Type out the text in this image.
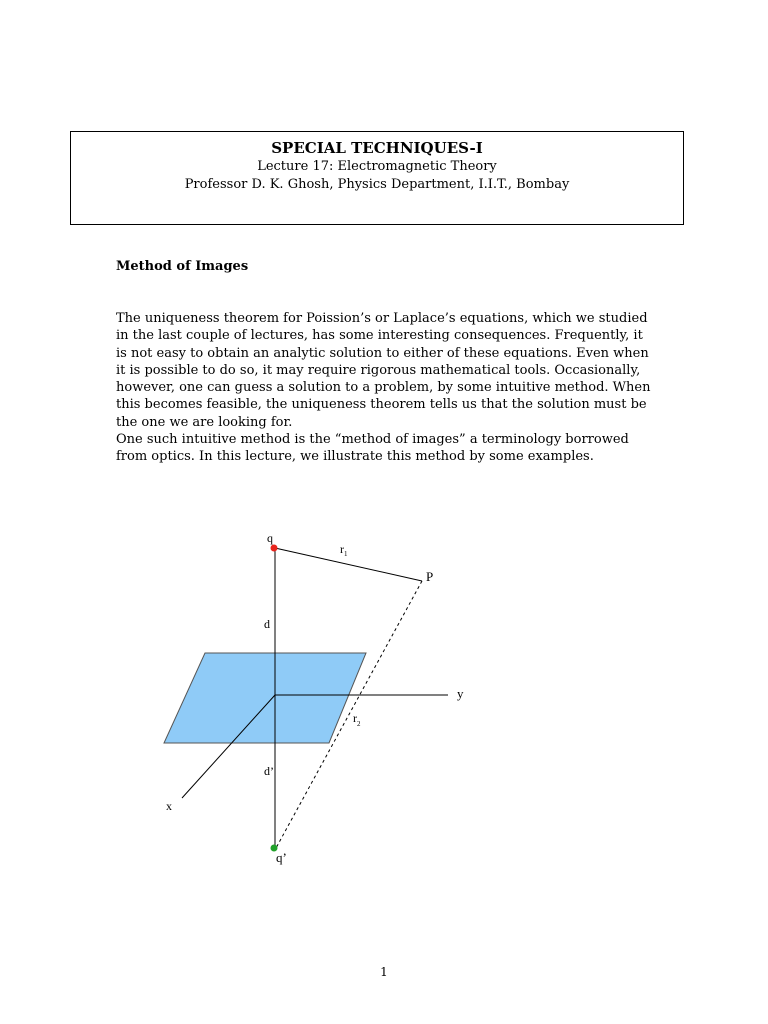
SPECIAL TECHNIQUES-I
Lecture 17: Electromagnetic Theory
Professor D. K. Ghosh, Physics Department, I.I.T., Bombay
Method of Images

The uniqueness theorem for Poission’s or Laplace’s equations, which we studied

in the last couple of lectures, has some interesting consequences. Frequently, it

is not easy to obtain an analytic solution to either of these equations. Even when

it is possible to do so, it may require rigorous mathematical tools. Occasionally,

however, one can guess a solution to a problem, by some intuitive method. When

this becomes feasible, the uniqueness theorem tells us that the solution must be

the one we are looking for.

One such intuitive method is the “method of images” a terminology borrowed

from optics. In this lecture, we illustrate this method by some examples.

q
$r_1$
P
d
y
$r_2$
d’
x
q’
1
